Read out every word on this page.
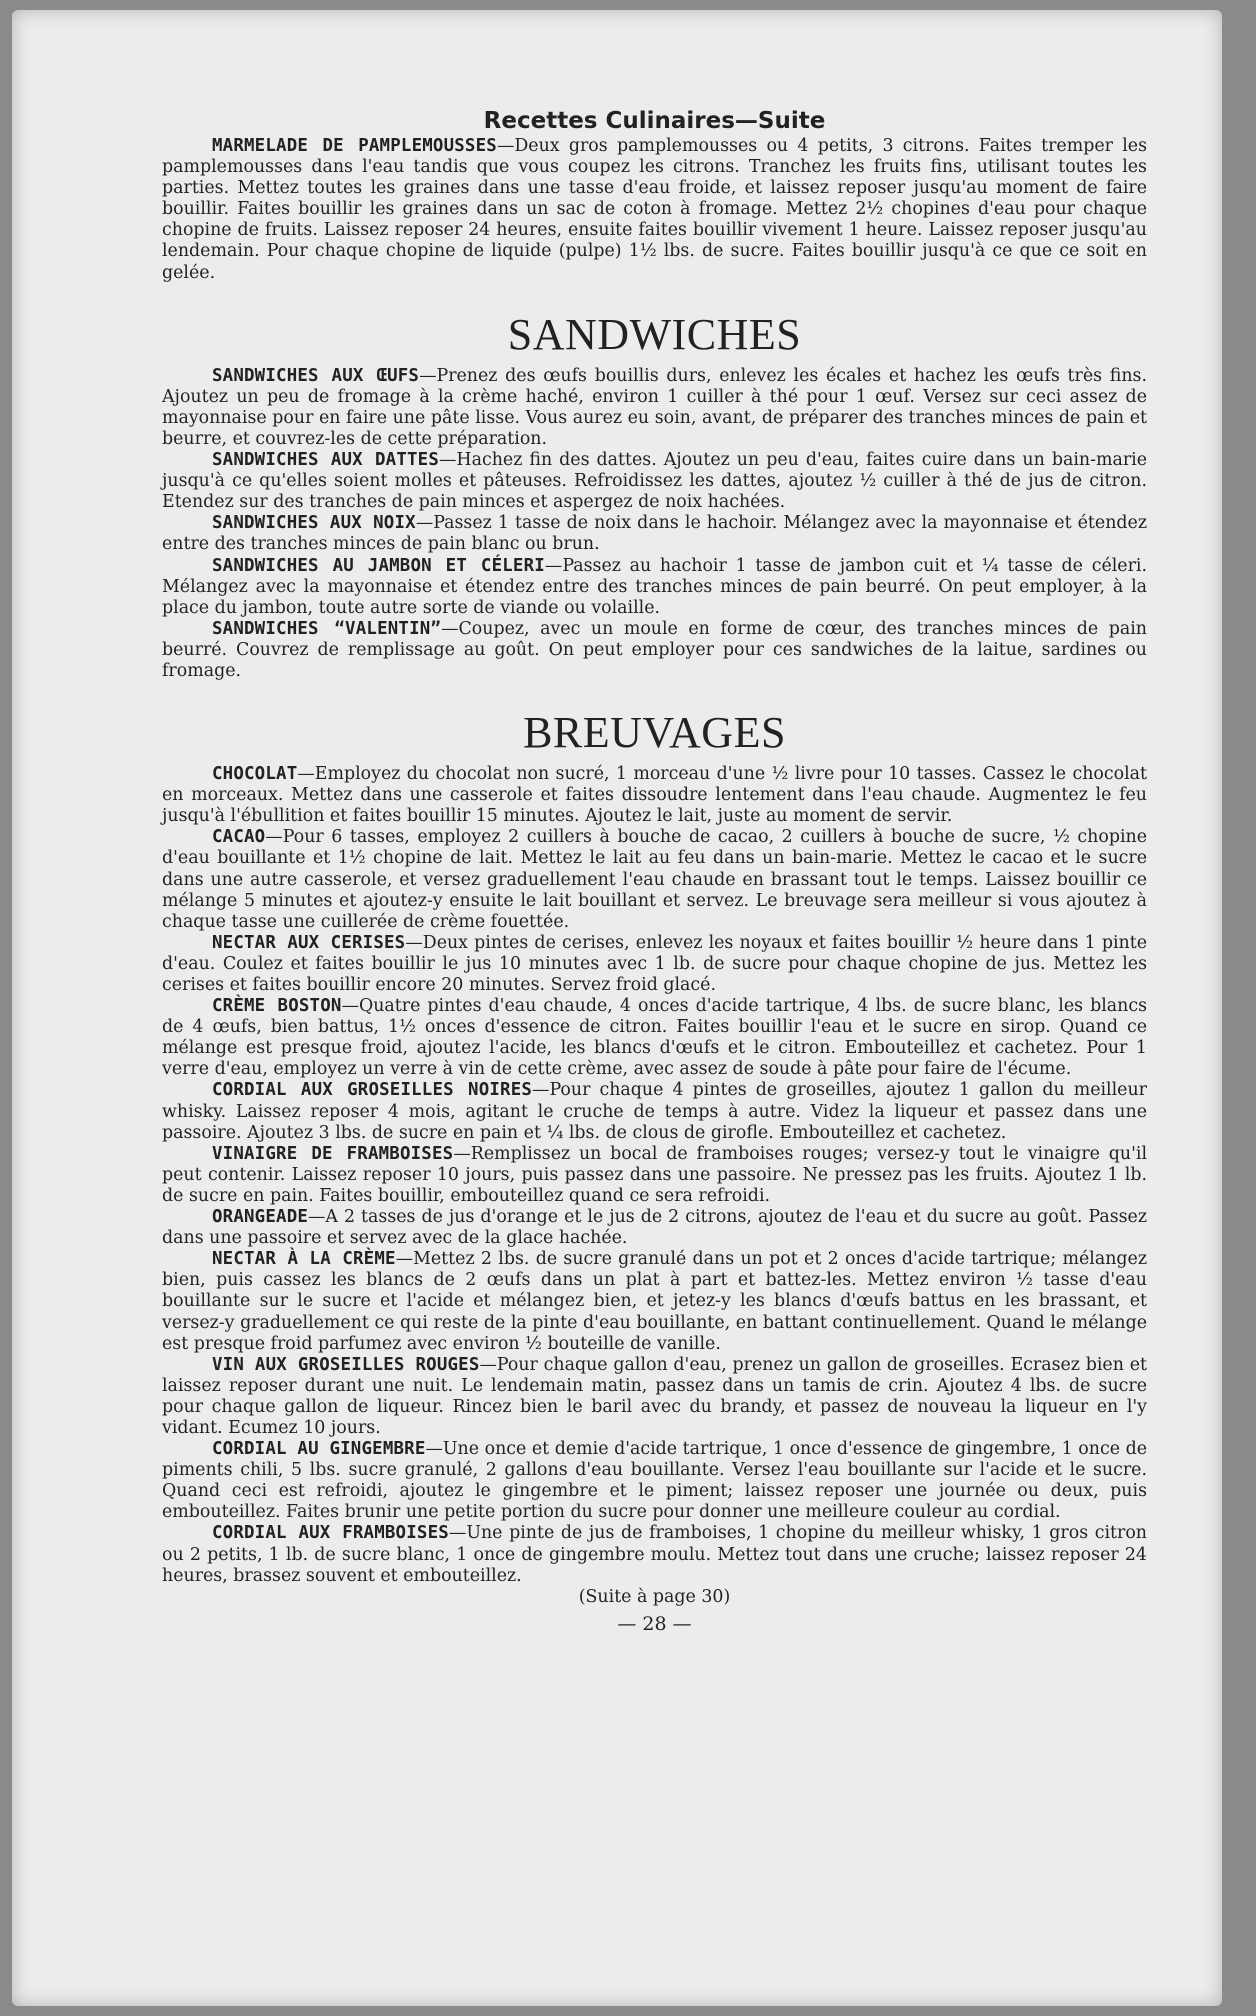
Recettes Culinaires—Suite

MARMELADE DE PAMPLEMOUSSES—Deux gros pamplemousses ou 4 petits, 3 citrons. Faites tremper les pamplemousses dans l'eau tandis que vous coupez les citrons. Tranchez les fruits fins, utilisant toutes les parties. Mettez toutes les graines dans une tasse d'eau froide, et laissez reposer jusqu'au moment de faire bouillir. Faites bouillir les graines dans un sac de coton à fromage. Mettez 2½ chopines d'eau pour chaque chopine de fruits. Laissez reposer 24 heures, ensuite faites bouillir vivement 1 heure. Laissez reposer jusqu'au lendemain. Pour chaque chopine de liquide (pulpe) 1½ lbs. de sucre. Faites bouillir jusqu'à ce que ce soit en gelée.

SANDWICHES

SANDWICHES AUX ŒUFS—Prenez des œufs bouillis durs, enlevez les écales et hachez les œufs très fins. Ajoutez un peu de fromage à la crème haché, environ 1 cuiller à thé pour 1 œuf. Versez sur ceci assez de mayonnaise pour en faire une pâte lisse. Vous aurez eu soin, avant, de préparer des tranches minces de pain et beurre, et couvrez-les de cette préparation.

SANDWICHES AUX DATTES—Hachez fin des dattes. Ajoutez un peu d'eau, faites cuire dans un bain-marie jusqu'à ce qu'elles soient molles et pâteuses. Refroidissez les dattes, ajoutez ½ cuiller à thé de jus de citron. Etendez sur des tranches de pain minces et aspergez de noix hachées.

SANDWICHES AUX NOIX—Passez 1 tasse de noix dans le hachoir. Mélangez avec la mayonnaise et étendez entre des tranches minces de pain blanc ou brun.

SANDWICHES AU JAMBON ET CÉLERI—Passez au hachoir 1 tasse de jambon cuit et ¼ tasse de céleri. Mélangez avec la mayonnaise et étendez entre des tranches minces de pain beurré. On peut employer, à la place du jambon, toute autre sorte de viande ou volaille.

SANDWICHES “VALENTIN”—Coupez, avec un moule en forme de cœur, des tranches minces de pain beurré. Couvrez de remplissage au goût. On peut employer pour ces sandwiches de la laitue, sardines ou fromage.

BREUVAGES

CHOCOLAT—Employez du chocolat non sucré, 1 morceau d'une ½ livre pour 10 tasses. Cassez le chocolat en morceaux. Mettez dans une casserole et faites dissoudre lentement dans l'eau chaude. Augmentez le feu jusqu'à l'ébullition et faites bouillir 15 minutes. Ajoutez le lait, juste au moment de servir.

CACAO—Pour 6 tasses, employez 2 cuillers à bouche de cacao, 2 cuillers à bouche de sucre, ½ chopine d'eau bouillante et 1½ chopine de lait. Mettez le lait au feu dans un bain-marie. Mettez le cacao et le sucre dans une autre casserole, et versez graduellement l'eau chaude en brassant tout le temps. Laissez bouillir ce mélange 5 minutes et ajoutez-y ensuite le lait bouillant et servez. Le breuvage sera meilleur si vous ajoutez à chaque tasse une cuillerée de crème fouettée.

NECTAR AUX CERISES—Deux pintes de cerises, enlevez les noyaux et faites bouillir ½ heure dans 1 pinte d'eau. Coulez et faites bouillir le jus 10 minutes avec 1 lb. de sucre pour chaque chopine de jus. Mettez les cerises et faites bouillir encore 20 minutes. Servez froid glacé.

CRÈME BOSTON—Quatre pintes d'eau chaude, 4 onces d'acide tartrique, 4 lbs. de sucre blanc, les blancs de 4 œufs, bien battus, 1½ onces d'essence de citron. Faites bouillir l'eau et le sucre en sirop. Quand ce mélange est presque froid, ajoutez l'acide, les blancs d'œufs et le citron. Embouteillez et cachetez. Pour 1 verre d'eau, employez un verre à vin de cette crème, avec assez de soude à pâte pour faire de l'écume.

CORDIAL AUX GROSEILLES NOIRES—Pour chaque 4 pintes de groseilles, ajoutez 1 gallon du meilleur whisky. Laissez reposer 4 mois, agitant le cruche de temps à autre. Videz la liqueur et passez dans une passoire. Ajoutez 3 lbs. de sucre en pain et ¼ lbs. de clous de girofle. Embouteillez et cachetez.

VINAIGRE DE FRAMBOISES—Remplissez un bocal de framboises rouges; versez-y tout le vinaigre qu'il peut contenir. Laissez reposer 10 jours, puis passez dans une passoire. Ne pressez pas les fruits. Ajoutez 1 lb. de sucre en pain. Faites bouillir, embouteillez quand ce sera refroidi.

ORANGEADE—A 2 tasses de jus d'orange et le jus de 2 citrons, ajoutez de l'eau et du sucre au goût. Passez dans une passoire et servez avec de la glace hachée.

NECTAR À LA CRÈME—Mettez 2 lbs. de sucre granulé dans un pot et 2 onces d'acide tartrique; mélangez bien, puis cassez les blancs de 2 œufs dans un plat à part et battez-les. Mettez environ ½ tasse d'eau bouillante sur le sucre et l'acide et mélangez bien, et jetez-y les blancs d'œufs battus en les brassant, et versez-y graduellement ce qui reste de la pinte d'eau bouillante, en battant continuellement. Quand le mélange est presque froid parfumez avec environ ½ bouteille de vanille.

VIN AUX GROSEILLES ROUGES—Pour chaque gallon d'eau, prenez un gallon de groseilles. Ecrasez bien et laissez reposer durant une nuit. Le lendemain matin, passez dans un tamis de crin. Ajoutez 4 lbs. de sucre pour chaque gallon de liqueur. Rincez bien le baril avec du brandy, et passez de nouveau la liqueur en l'y vidant. Ecumez 10 jours.

CORDIAL AU GINGEMBRE—Une once et demie d'acide tartrique, 1 once d'essence de gingembre, 1 once de piments chili, 5 lbs. sucre granulé, 2 gallons d'eau bouillante. Versez l'eau bouillante sur l'acide et le sucre. Quand ceci est refroidi, ajoutez le gingembre et le piment; laissez reposer une journée ou deux, puis embouteillez. Faites brunir une petite portion du sucre pour donner une meilleure couleur au cordial.

CORDIAL AUX FRAMBOISES—Une pinte de jus de framboises, 1 chopine du meilleur whisky, 1 gros citron ou 2 petits, 1 lb. de sucre blanc, 1 once de gingembre moulu. Mettez tout dans une cruche; laissez reposer 24 heures, brassez souvent et embouteillez.

(Suite à page 30)
— 28 —
